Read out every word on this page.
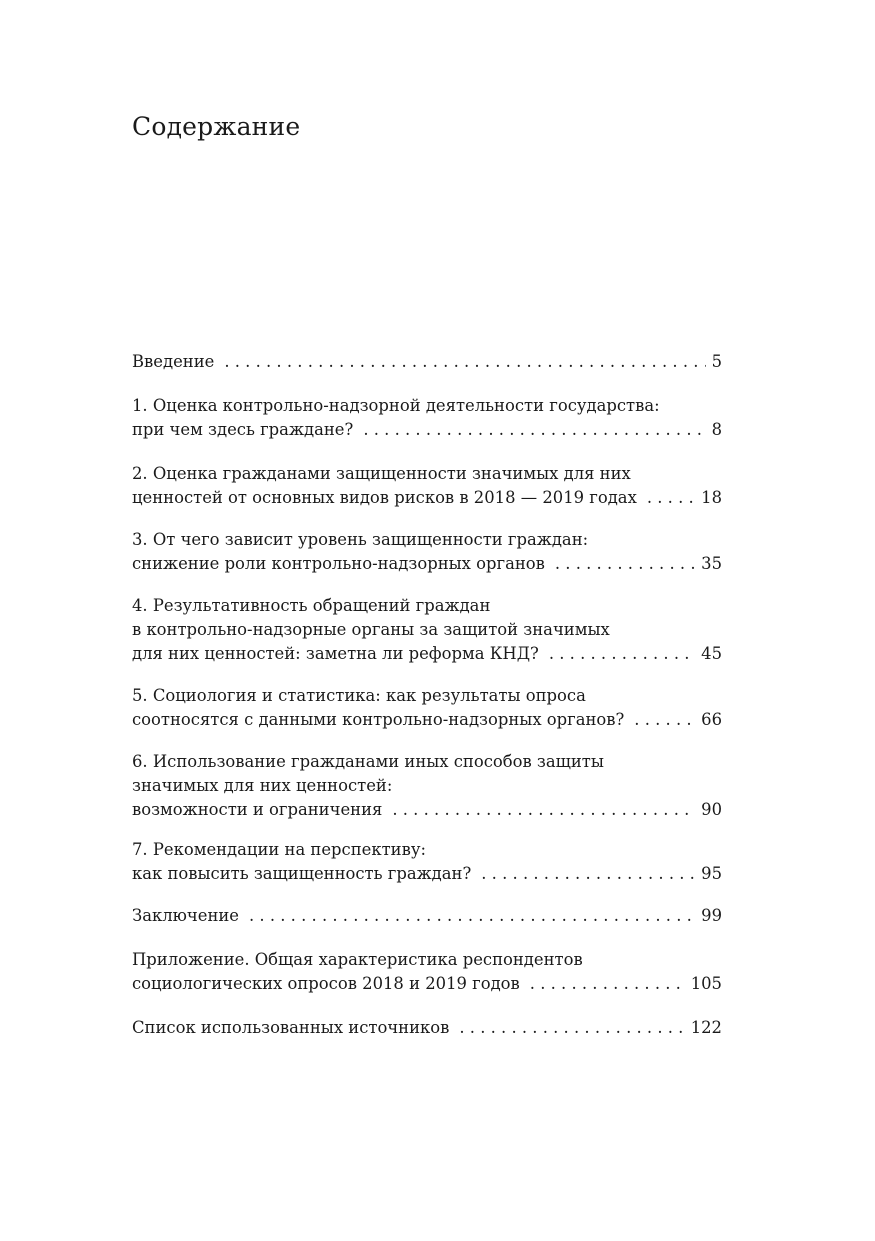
Содержание
Введение . . .	5
1. Оценка контрольно-надзорной деятельности государства:
при чем здесь граждане? . . .	8
2. Оценка гражданами защищенности значимых для них
ценностей от основных видов рисков в 2018 — 2019 годах . . .	18
3. От чего зависит уровень защищенности граждан:
снижение роли контрольно-надзорных органов . . .	35
4. Результативность обращений граждан
в контрольно-надзорные органы за защитой значимых
для них ценностей: заметна ли реформа КНД? . . .	45
5. Социология и статистика: как результаты опроса
соотносятся с данными контрольно-надзорных органов? . . .	66
6. Использование гражданами иных способов защиты
значимых для них ценностей:
возможности и ограничения . . .	90
7. Рекомендации на перспективу:
как повысить защищенность граждан? . . .	95
Заключение . . .	99
Приложение. Общая характеристика респондентов
социологических опросов 2018 и 2019 годов . . .	105
Список использованных источников . . .	122
